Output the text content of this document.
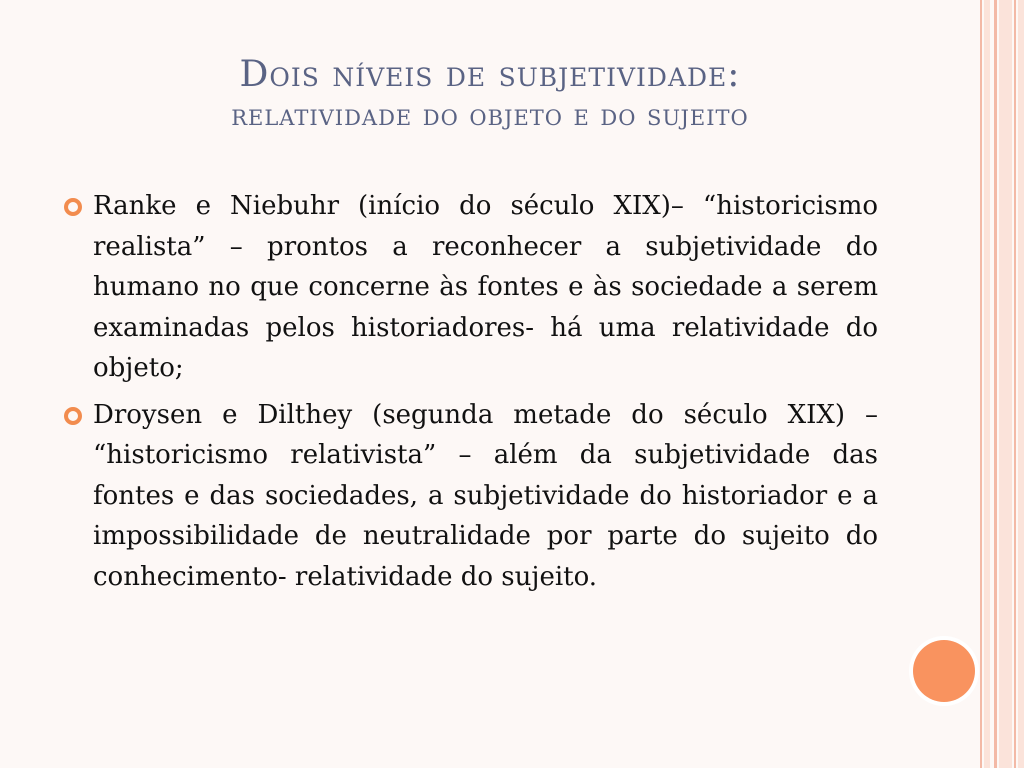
Dois níveis de subjetividade:
relatividade do objeto e do sujeito
Ranke e Niebuhr (início do século XIX)– “historicismo realista” – prontos a reconhecer a subjetividade do humano no que concerne às fontes e às sociedade a serem examinadas pelos historiadores- há uma relatividade do objeto;
Droysen e Dilthey (segunda metade do século XIX) – “historicismo relativista” – além da subjetividade das fontes e das sociedades, a subjetividade do historiador e a impossibilidade de neutralidade por parte do sujeito do conhecimento- relatividade do sujeito.
